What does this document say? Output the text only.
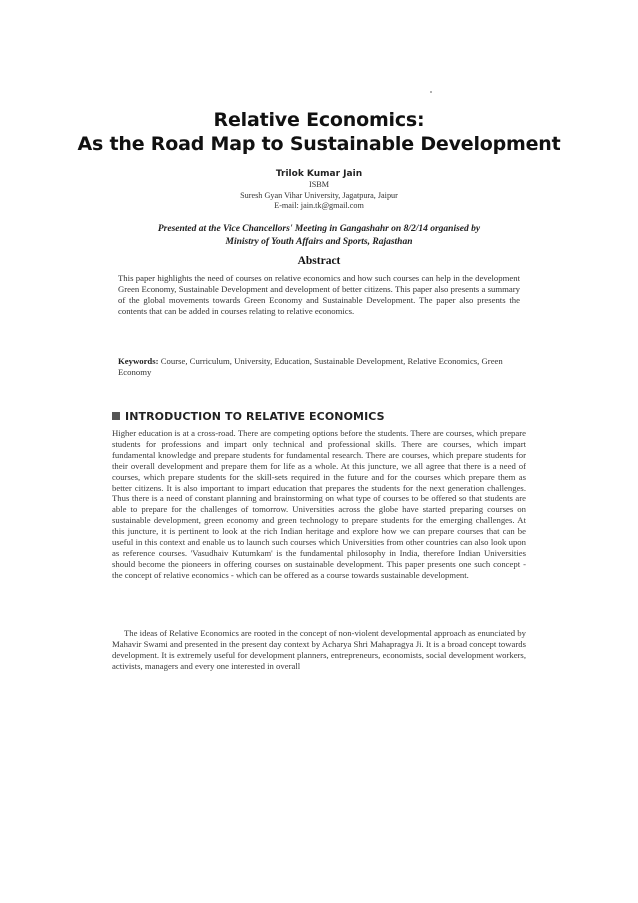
Relative Economics:
As the Road Map to Sustainable Development
Trilok Kumar Jain
ISBM
Suresh Gyan Vihar University, Jagatpura, Jaipur
E-mail: jain.tk@gmail.com
Presented at the Vice Chancellors' Meeting in Gangashahr on 8/2/14 organised by
Ministry of Youth Affairs and Sports, Rajasthan
Abstract
This paper highlights the need of courses on relative economics and how such courses can help in the development Green Economy, Sustainable Development and development of better citizens. This paper also presents a summary of the global movements towards Green Economy and Sustainable Development. The paper also presents the contents that can be added in courses relating to relative economics.
Keywords: Course, Curriculum, University, Education, Sustainable Development, Relative Economics, Green Economy
INTRODUCTION TO RELATIVE ECONOMICS
Higher education is at a cross-road. There are competing options before the students. There are courses, which prepare students for professions and impart only technical and professional skills. There are courses, which impart fundamental knowledge and prepare students for fundamental research. There are courses, which prepare students for their overall development and prepare them for life as a whole. At this juncture, we all agree that there is a need of courses, which prepare students for the skill-sets required in the future and for the courses which prepare them as better citizens. It is also important to impart education that prepares the students for the next generation challenges. Thus there is a need of constant planning and brainstorming on what type of courses to be offered so that students are able to prepare for the challenges of tomorrow. Universities across the globe have started preparing courses on sustainable development, green economy and green technology to prepare students for the emerging challenges. At this juncture, it is pertinent to look at the rich Indian heritage and explore how we can prepare courses that can be useful in this context and enable us to launch such courses which Universities from other countries can also look upon as reference courses. 'Vasudhaiv Kutumkam' is the fundamental philosophy in India, therefore Indian Universities should become the pioneers in offering courses on sustainable development. This paper presents one such concept - the concept of relative economics - which can be offered as a course towards sustainable development.
The ideas of Relative Economics are rooted in the concept of non-violent developmental approach as enunciated by Mahavir Swami and presented in the present day context by Acharya Shri Mahapragya Ji. It is a broad concept towards development. It is extremely useful for development planners, entrepreneurs, economists, social development workers, activists, managers and every one interested in overall
